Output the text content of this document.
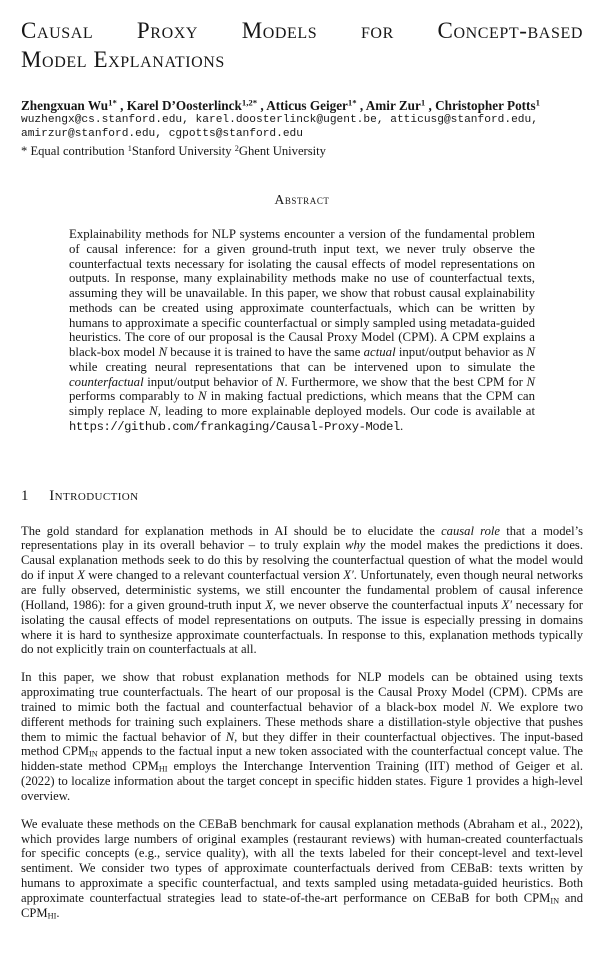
Causal Proxy Models for Concept-based
Model Explanations
Zhengxuan $Wu^{1*}$ , Karel D’Oosterlinck$^{1,2*}$ , Atticus Geiger$^{1*}$ , Amir Zur$^1$ , Christopher Potts$^1$
wuzhengx@cs.stanford.edu, karel.doosterlinck@ugent.be, atticusg@stanford.edu,
amirzur@stanford.edu, cgpotts@stanford.edu
* Equal contribution $^1$Stanford University $^2$Ghent University
Abstract

Explainability methods for NLP systems encounter a version of the fundamental problem of causal inference: for a given ground-truth input text, we never truly observe the counterfactual texts necessary for isolating the causal effects of model representations on outputs. In response, many explainability methods make no use of counterfactual texts, assuming they will be unavailable. In this paper, we show that robust causal explainability methods can be created using approximate counterfactuals, which can be written by humans to approximate a specific counterfactual or simply sampled using metadata-guided heuristics. The core of our proposal is the Causal Proxy Model (CPM). A CPM explains a black-box model N because it is trained to have the same actual input/output behavior as N while creating neural representations that can be intervened upon to simulate the counterfactual input/output behavior of N. Furthermore, we show that the best CPM for N performs comparably to N in making factual predictions, which means that the CPM can simply replace N, leading to more explainable deployed models. Our code is available at https://github.com/frankaging/Causal-Proxy-Model.

1 Introduction

The gold standard for explanation methods in AI should be to elucidate the causal role that a model’s representations play in its overall behavior – to truly explain why the model makes the predictions it does. Causal explanation methods seek to do this by resolving the counterfactual question of what the model would do if input X were changed to a relevant counterfactual version X′. Unfortunately, even though neural networks are fully observed, deterministic systems, we still encounter the fundamental problem of causal inference (Holland, 1986): for a given ground-truth input X, we never observe the counterfactual inputs X′ necessary for isolating the causal effects of model representations on outputs. The issue is especially pressing in domains where it is hard to synthesize approximate counterfactuals. In response to this, explanation methods typically do not explicitly train on counterfactuals at all.

In this paper, we show that robust explanation methods for NLP models can be obtained using texts approximating true counterfactuals. The heart of our proposal is the Causal Proxy Model (CPM). CPMs are trained to mimic both the factual and counterfactual behavior of a black-box model N. We explore two different methods for training such explainers. These methods share a distillation-style objective that pushes them to mimic the factual behavior of N, but they differ in their counterfactual objectives. The input-based method CPMIN appends to the factual input a new token associated with the counterfactual concept value. The hidden-state method CPMHI employs the Interchange Intervention Training (IIT) method of Geiger et al. (2022) to localize information about the target concept in specific hidden states. Figure 1 provides a high-level overview.

We evaluate these methods on the CEBaB benchmark for causal explanation methods (Abraham et al., 2022), which provides large numbers of original examples (restaurant reviews) with human-created counterfactuals for specific concepts (e.g., service quality), with all the texts labeled for their concept-level and text-level sentiment. We consider two types of approximate counterfactuals derived from CEBaB: texts written by humans to approximate a specific counterfactual, and texts sampled using metadata-guided heuristics. Both approximate counterfactual strategies lead to state-of-the-art performance on CEBaB for both CPMIN and CPMHI.
